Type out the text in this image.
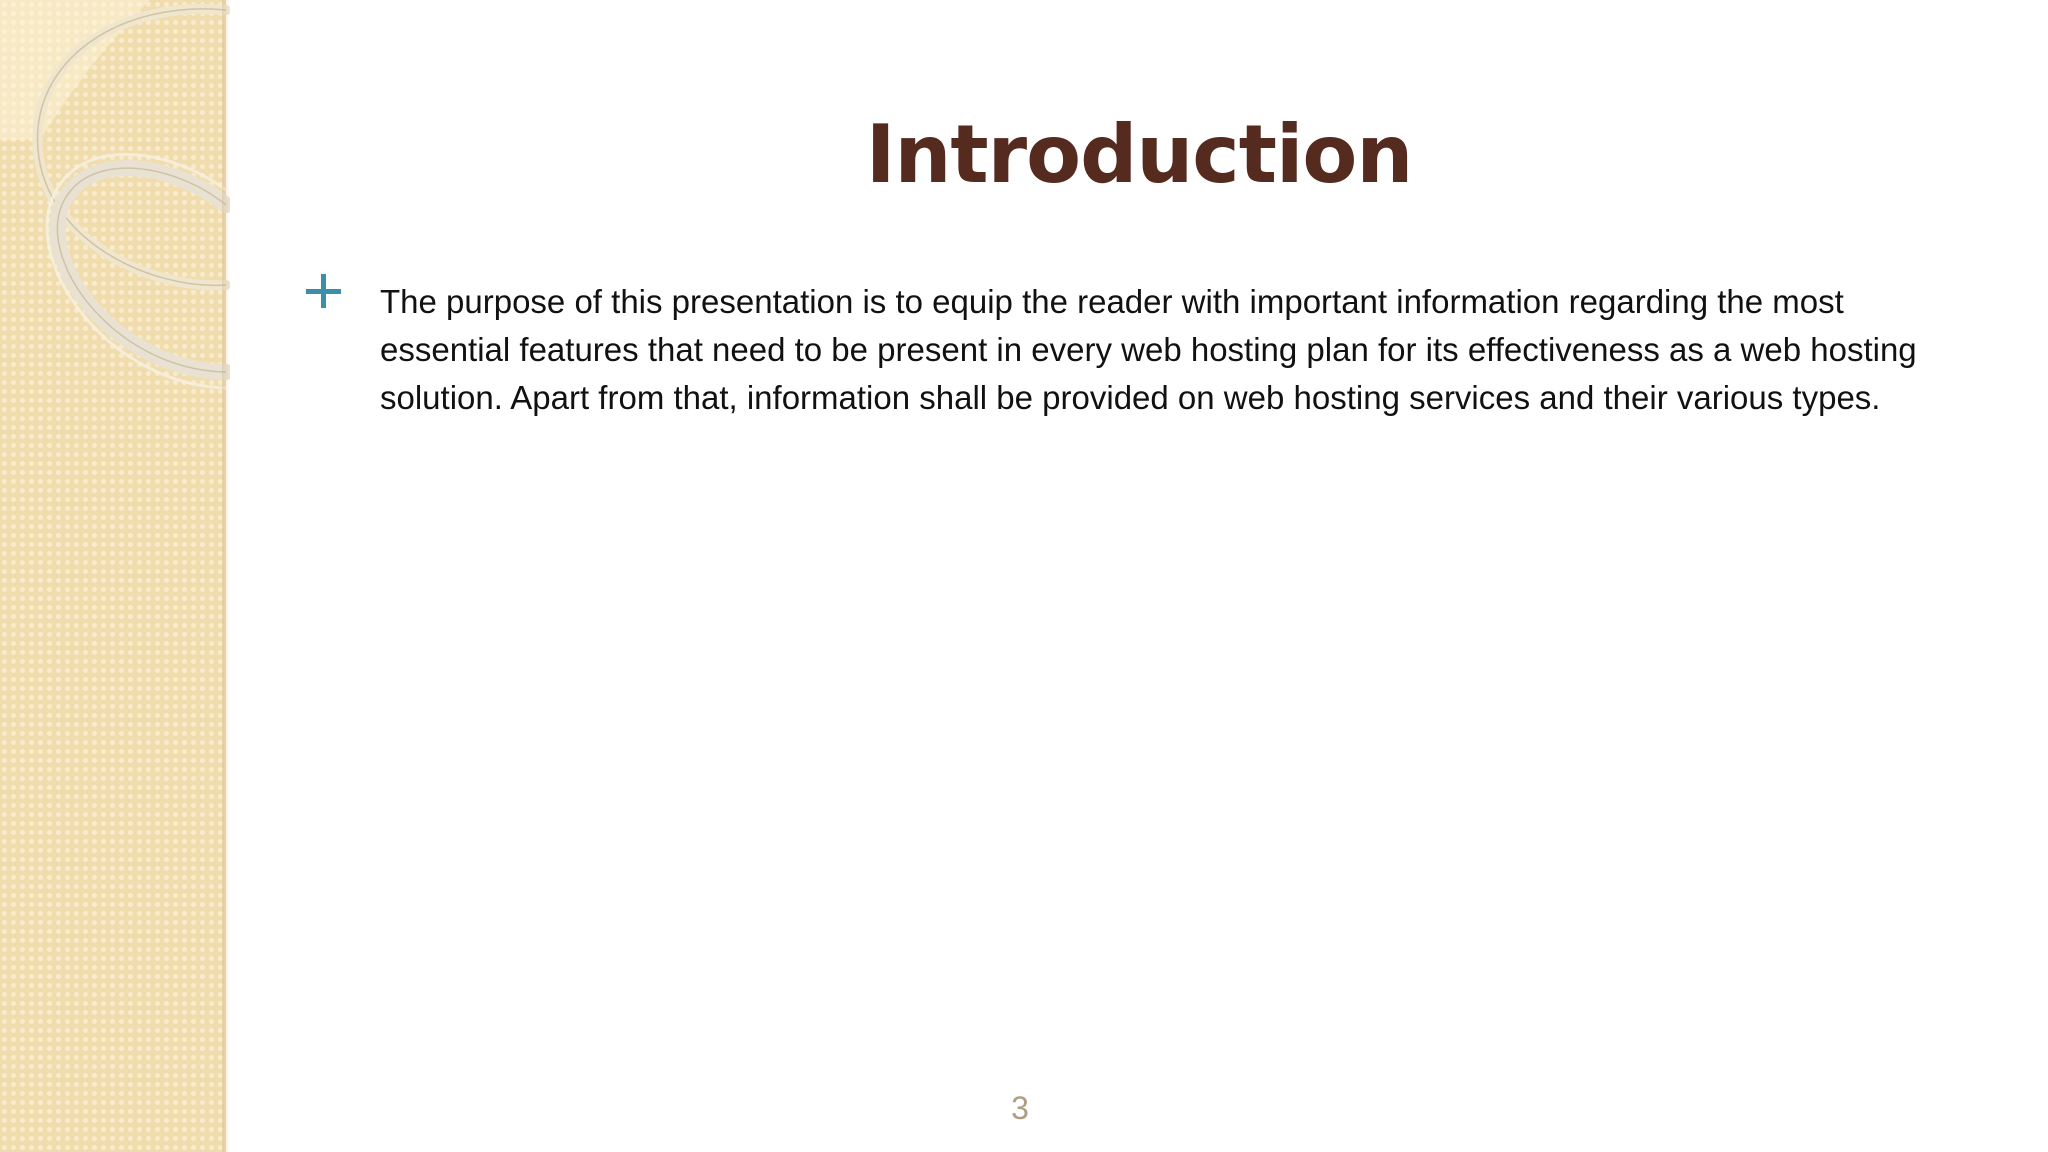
Introduction

The purpose of this presentation is to equip the reader with important information regarding the most essential features that need to be present in every web hosting plan for its effectiveness as a web hosting solution. Apart from that, information shall be provided on web hosting services and their various types.

3
